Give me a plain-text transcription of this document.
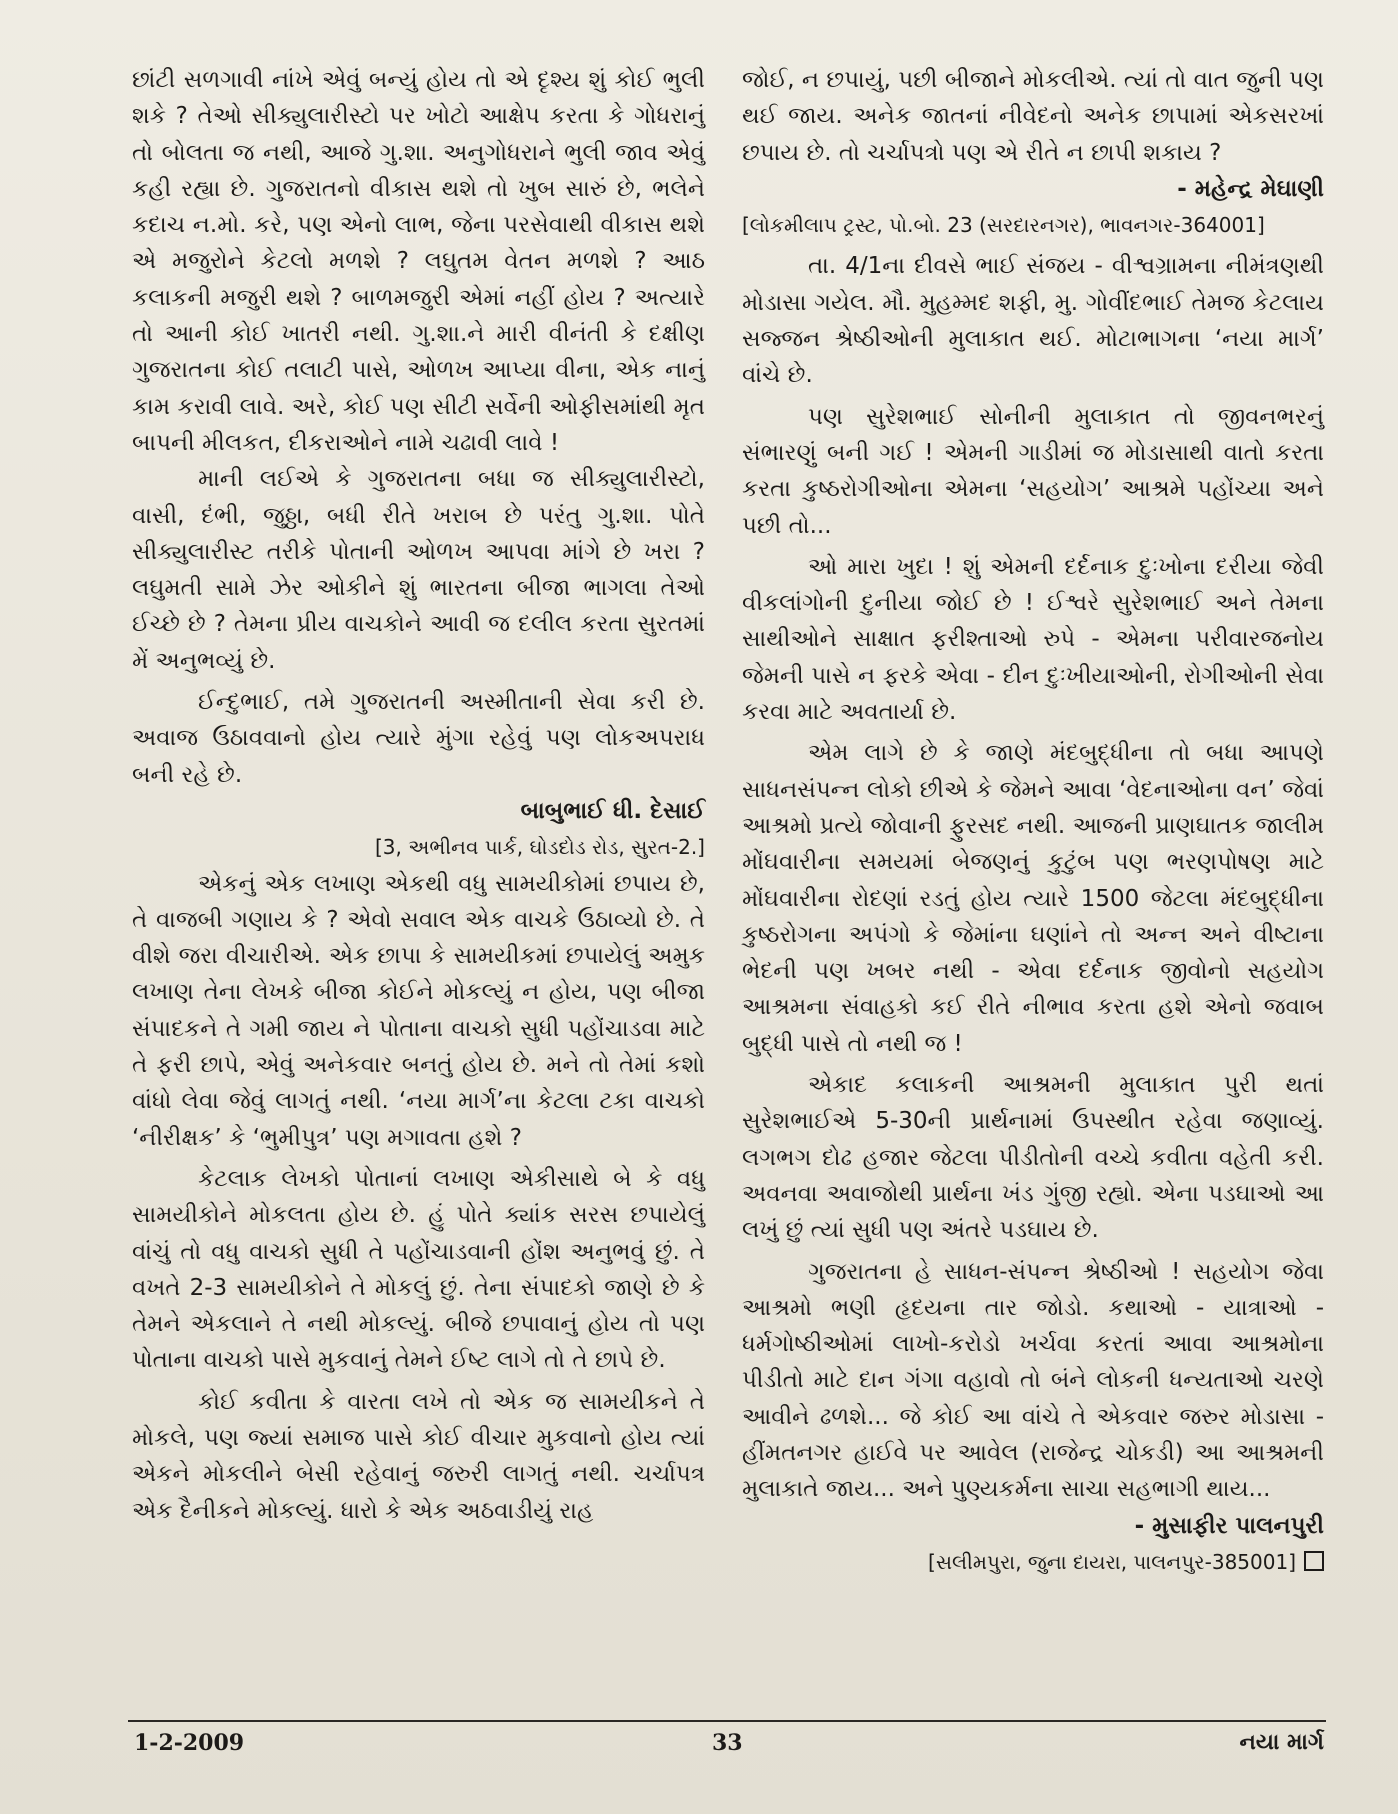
છાંટી સળગાવી નાંખે એવું બન્યું હોય તો એ દૃશ્ય શું કોઈ ભુલી શકે ? તેઓ સીક્યુલારીસ્ટો પર ખોટો આક્ષેપ કરતા કે ગોધરાનું તો બોલતા જ નથી, આજે ગુ.શા. અનુગોધરાને ભુલી જાવ એવું કહી રહ્યા છે. ગુજરાતનો વીકાસ થશે તો ખુબ સારું છે, ભલેને કદાચ ન.મો. કરે, પણ એનો લાભ, જેના પરસેવાથી વીકાસ થશે એ મજુરોને કેટલો મળશે ? લઘુતમ વેતન મળશે ? આઠ કલાકની મજુરી થશે ? બાળમજુરી એમાં નહીં હોય ? અત્યારે તો આની કોઈ ખાતરી નથી. ગુ.શા.ને મારી વીનંતી કે દક્ષીણ ગુજરાતના કોઈ તલાટી પાસે, ઓળખ આપ્યા વીના, એક નાનું કામ કરાવી લાવે. અરે, કોઈ પણ સીટી સર્વેની ઓફીસમાંથી મૃત બાપની મીલકત, દીકરાઓને નામે ચઢાવી લાવે !

માની લઈએ કે ગુજરાતના બધા જ સીક્યુલારીસ્ટો, વાસી, દંભી, જુઠ્ઠા, બધી રીતે ખરાબ છે પરંતુ ગુ.શા. પોતે સીક્યુલારીસ્ટ તરીકે પોતાની ઓળખ આપવા માંગે છે ખરા ? લઘુમતી સામે ઝેર ઓકીને શું ભારતના બીજા ભાગલા તેઓ ઈચ્છે છે ? તેમના પ્રીય વાચકોને આવી જ દલીલ કરતા સુરતમાં મેં અનુભવ્યું છે.

ઈન્દુભાઈ, તમે ગુજરાતની અસ્મીતાની સેવા કરી છે. અવાજ ઉઠાવવાનો હોય ત્યારે મુંગા રહેવું પણ લોકઅપરાધ બની રહે છે.

બાબુભાઈ ધી. દેસાઈ

[3, અભીનવ પાર્ક, ઘોડદોડ રોડ, સુરત-2.]

એકનું એક લખાણ એકથી વધુ સામયીકોમાં છપાય છે, તે વાજબી ગણાય કે ? એવો સવાલ એક વાચકે ઉઠાવ્યો છે. તે વીશે જરા વીચારીએ. એક છાપા કે સામયીકમાં છપાયેલું અમુક લખાણ તેના લેખકે બીજા કોઈને મોકલ્યું ન હોય, પણ બીજા સંપાદકને તે ગમી જાય ને પોતાના વાચકો સુધી પહોંચાડવા માટે તે ફરી છાપે, એવું અનેકવાર બનતું હોય છે. મને તો તેમાં કશો વાંધો લેવા જેવું લાગતું નથી. ‘નયા માર્ગ’ના કેટલા ટકા વાચકો ‘નીરીક્ષક’ કે ‘ભુમીપુત્ર’ પણ મગાવતા હશે ?

કેટલાક લેખકો પોતાનાં લખાણ એકીસાથે બે કે વધુ સામયીકોને મોકલતા હોય છે. હું પોતે ક્યાંક સરસ છપાયેલું વાંચું તો વધુ વાચકો સુધી તે પહોંચાડવાની હોંશ અનુભવું છું. તે વખતે 2-3 સામયીકોને તે મોકલું છું. તેના સંપાદકો જાણે છે કે તેમને એકલાને તે નથી મોકલ્યું. બીજે છપાવાનું હોય તો પણ પોતાના વાચકો પાસે મુકવાનું તેમને ઈષ્ટ લાગે તો તે છાપે છે.

કોઈ કવીતા કે વારતા લખે તો એક જ સામયીકને તે મોકલે, પણ જ્યાં સમાજ પાસે કોઈ વીચાર મુકવાનો હોય ત્યાં એકને મોકલીને બેસી રહેવાનું જરુરી લાગતું નથી. ચર્ચાપત્ર એક દૈનીકને મોકલ્યું. ધારો કે એક અઠવાડીયું રાહ

જોઈ, ન છપાયું, પછી બીજાને મોકલીએ. ત્યાં તો વાત જુની પણ થઈ જાય. અનેક જાતનાં નીવેદનો અનેક છાપામાં એકસરખાં છપાય છે. તો ચર્ચાપત્રો પણ એ રીતે ન છાપી શકાય ?

- મહેન્દ્ર મેઘાણી

[લોકમીલાપ ટ્રસ્ટ, પો.બો. 23 (સરદારનગર), ભાવનગર-364001]

તા. 4/1ના દીવસે ભાઈ સંજય - વીશ્વગ્રામના નીમંત્રણથી મોડાસા ગયેલ. મૌ. મુહમ્મદ શફી, મુ. ગોવીંદભાઈ તેમજ કેટલાય સજ્જન શ્રેષ્ઠીઓની મુલાકાત થઈ. મોટાભાગના ‘નયા માર્ગ’ વાંચે છે.

પણ સુરેશભાઈ સોનીની મુલાકાત તો જીવનભરનું સંભારણું બની ગઈ ! એમની ગાડીમાં જ મોડાસાથી વાતો કરતા કરતા કુષ્ઠરોગીઓના એમના ‘સહયોગ’ આશ્રમે પહોંચ્યા અને પછી તો...

ઓ મારા ખુદા ! શું એમની દર્દનાક દુઃખોના દરીયા જેવી વીકલાંગોની દુનીયા જોઈ છે ! ઈશ્વરે સુરેશભાઈ અને તેમના સાથીઓને સાક્ષાત ફરીશ્તાઓ રુપે - એમના પરીવારજનોય જેમની પાસે ન ફરકે એવા - દીન દુઃખીયાઓની, રોગીઓની સેવા કરવા માટે અવતાર્યા છે.

એમ લાગે છે કે જાણે મંદબુદ્ધીના તો બધા આપણે સાધનસંપન્ન લોકો છીએ કે જેમને આવા ‘વેદનાઓના વન’ જેવાં આશ્રમો પ્રત્યે જોવાની ફુરસદ નથી. આજની પ્રાણઘાતક જાલીમ મોંઘવારીના સમયમાં બેજણનું કુટુંબ પણ ભરણપોષણ માટે મોંઘવારીના રોદણાં રડતું હોય ત્યારે 1500 જેટલા મંદબુદ્ધીના કુષ્ઠરોગના અપંગો કે જેમાંના ઘણાંને તો અન્ન અને વીષ્ટાના ભેદની પણ ખબર નથી - એવા દર્દનાક જીવોનો સહયોગ આશ્રમના સંવાહકો કઈ રીતે નીભાવ કરતા હશે એનો જવાબ બુદ્ધી પાસે તો નથી જ !

એકાદ કલાકની આશ્રમની મુલાકાત પુરી થતાં સુરેશભાઈએ 5-30ની પ્રાર્થનામાં ઉપસ્થીત રહેવા જણાવ્યું. લગભગ દોઢ હજાર જેટલા પીડીતોની વચ્ચે કવીતા વહેતી કરી. અવનવા અવાજોથી પ્રાર્થના ખંડ ગુંજી રહ્યો. એના પડઘાઓ આ લખું છું ત્યાં સુધી પણ અંતરે પડઘાય છે.

ગુજરાતના હે સાધન-સંપન્ન શ્રેષ્ઠીઓ ! સહયોગ જેવા આશ્રમો ભણી હૃદયના તાર જોડો. કથાઓ - યાત્રાઓ - ધર્મગોષ્ઠીઓમાં લાખો-કરોડો ખર્ચવા કરતાં આવા આશ્રમોના પીડીતો માટે દાન ગંગા વહાવો તો બંને લોકની ધન્યતાઓ ચરણે આવીને ઢળશે... જે કોઈ આ વાંચે તે એકવાર જરુર મોડાસા - હીંમતનગર હાઈવે પર આવેલ (રાજેન્દ્ર ચોકડી) આ આશ્રમની મુલાકાતે જાય... અને પુણ્યકર્મના સાચા સહભાગી થાય...

- મુસાફીર પાલનપુરી

[સલીમપુરા, જુના દાયરા, પાલનપુર-385001]

1-2-2009	33	નયા માર્ગ
